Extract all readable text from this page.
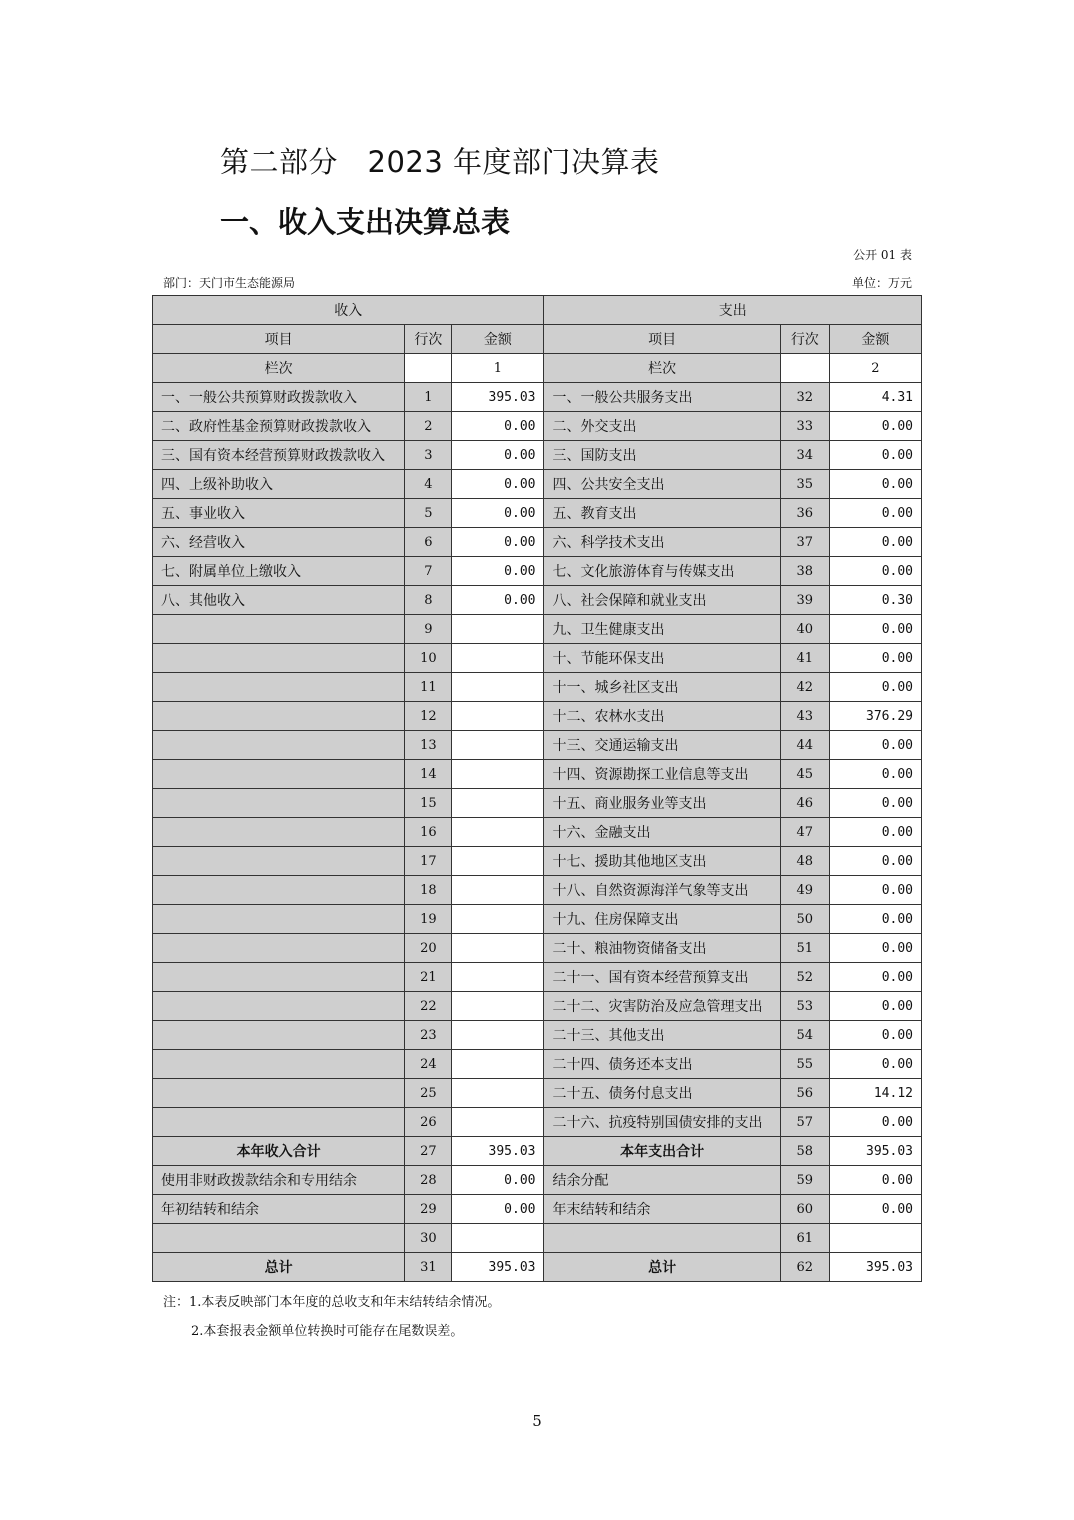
第二部分　2023 年度部门决算表
一、收入支出决算总表
公开 01 表
部门：天门市生态能源局	单位：万元
收入			支出		
项目	行次	金额	项目	行次	金额
栏次		1	栏次		2
一、一般公共预算财政拨款收入	1	395.03	一、一般公共服务支出	32	4.31
二、政府性基金预算财政拨款收入	2	0.00	二、外交支出	33	0.00
三、国有资本经营预算财政拨款收入	3	0.00	三、国防支出	34	0.00
四、上级补助收入	4	0.00	四、公共安全支出	35	0.00
五、事业收入	5	0.00	五、教育支出	36	0.00
六、经营收入	6	0.00	六、科学技术支出	37	0.00
七、附属单位上缴收入	7	0.00	七、文化旅游体育与传媒支出	38	0.00
八、其他收入	8	0.00	八、社会保障和就业支出	39	0.30
	9		九、卫生健康支出	40	0.00
	10		十、节能环保支出	41	0.00
	11		十一、城乡社区支出	42	0.00
	12		十二、农林水支出	43	376.29
	13		十三、交通运输支出	44	0.00
	14		十四、资源勘探工业信息等支出	45	0.00
	15		十五、商业服务业等支出	46	0.00
	16		十六、金融支出	47	0.00
	17		十七、援助其他地区支出	48	0.00
	18		十八、自然资源海洋气象等支出	49	0.00
	19		十九、住房保障支出	50	0.00
	20		二十、粮油物资储备支出	51	0.00
	21		二十一、国有资本经营预算支出	52	0.00
	22		二十二、灾害防治及应急管理支出	53	0.00
	23		二十三、其他支出	54	0.00
	24		二十四、债务还本支出	55	0.00
	25		二十五、债务付息支出	56	14.12
	26		二十六、抗疫特别国债安排的支出	57	0.00
本年收入合计	27	395.03	本年支出合计	58	395.03
使用非财政拨款结余和专用结余	28	0.00	结余分配	59	0.00
年初结转和结余	29	0.00	年末结转和结余	60	0.00
	30			61	
总计	31	395.03	总计	62	395.03
注：1.本表反映部门本年度的总收支和年末结转结余情况。
2.本套报表金额单位转换时可能存在尾数误差。
5
